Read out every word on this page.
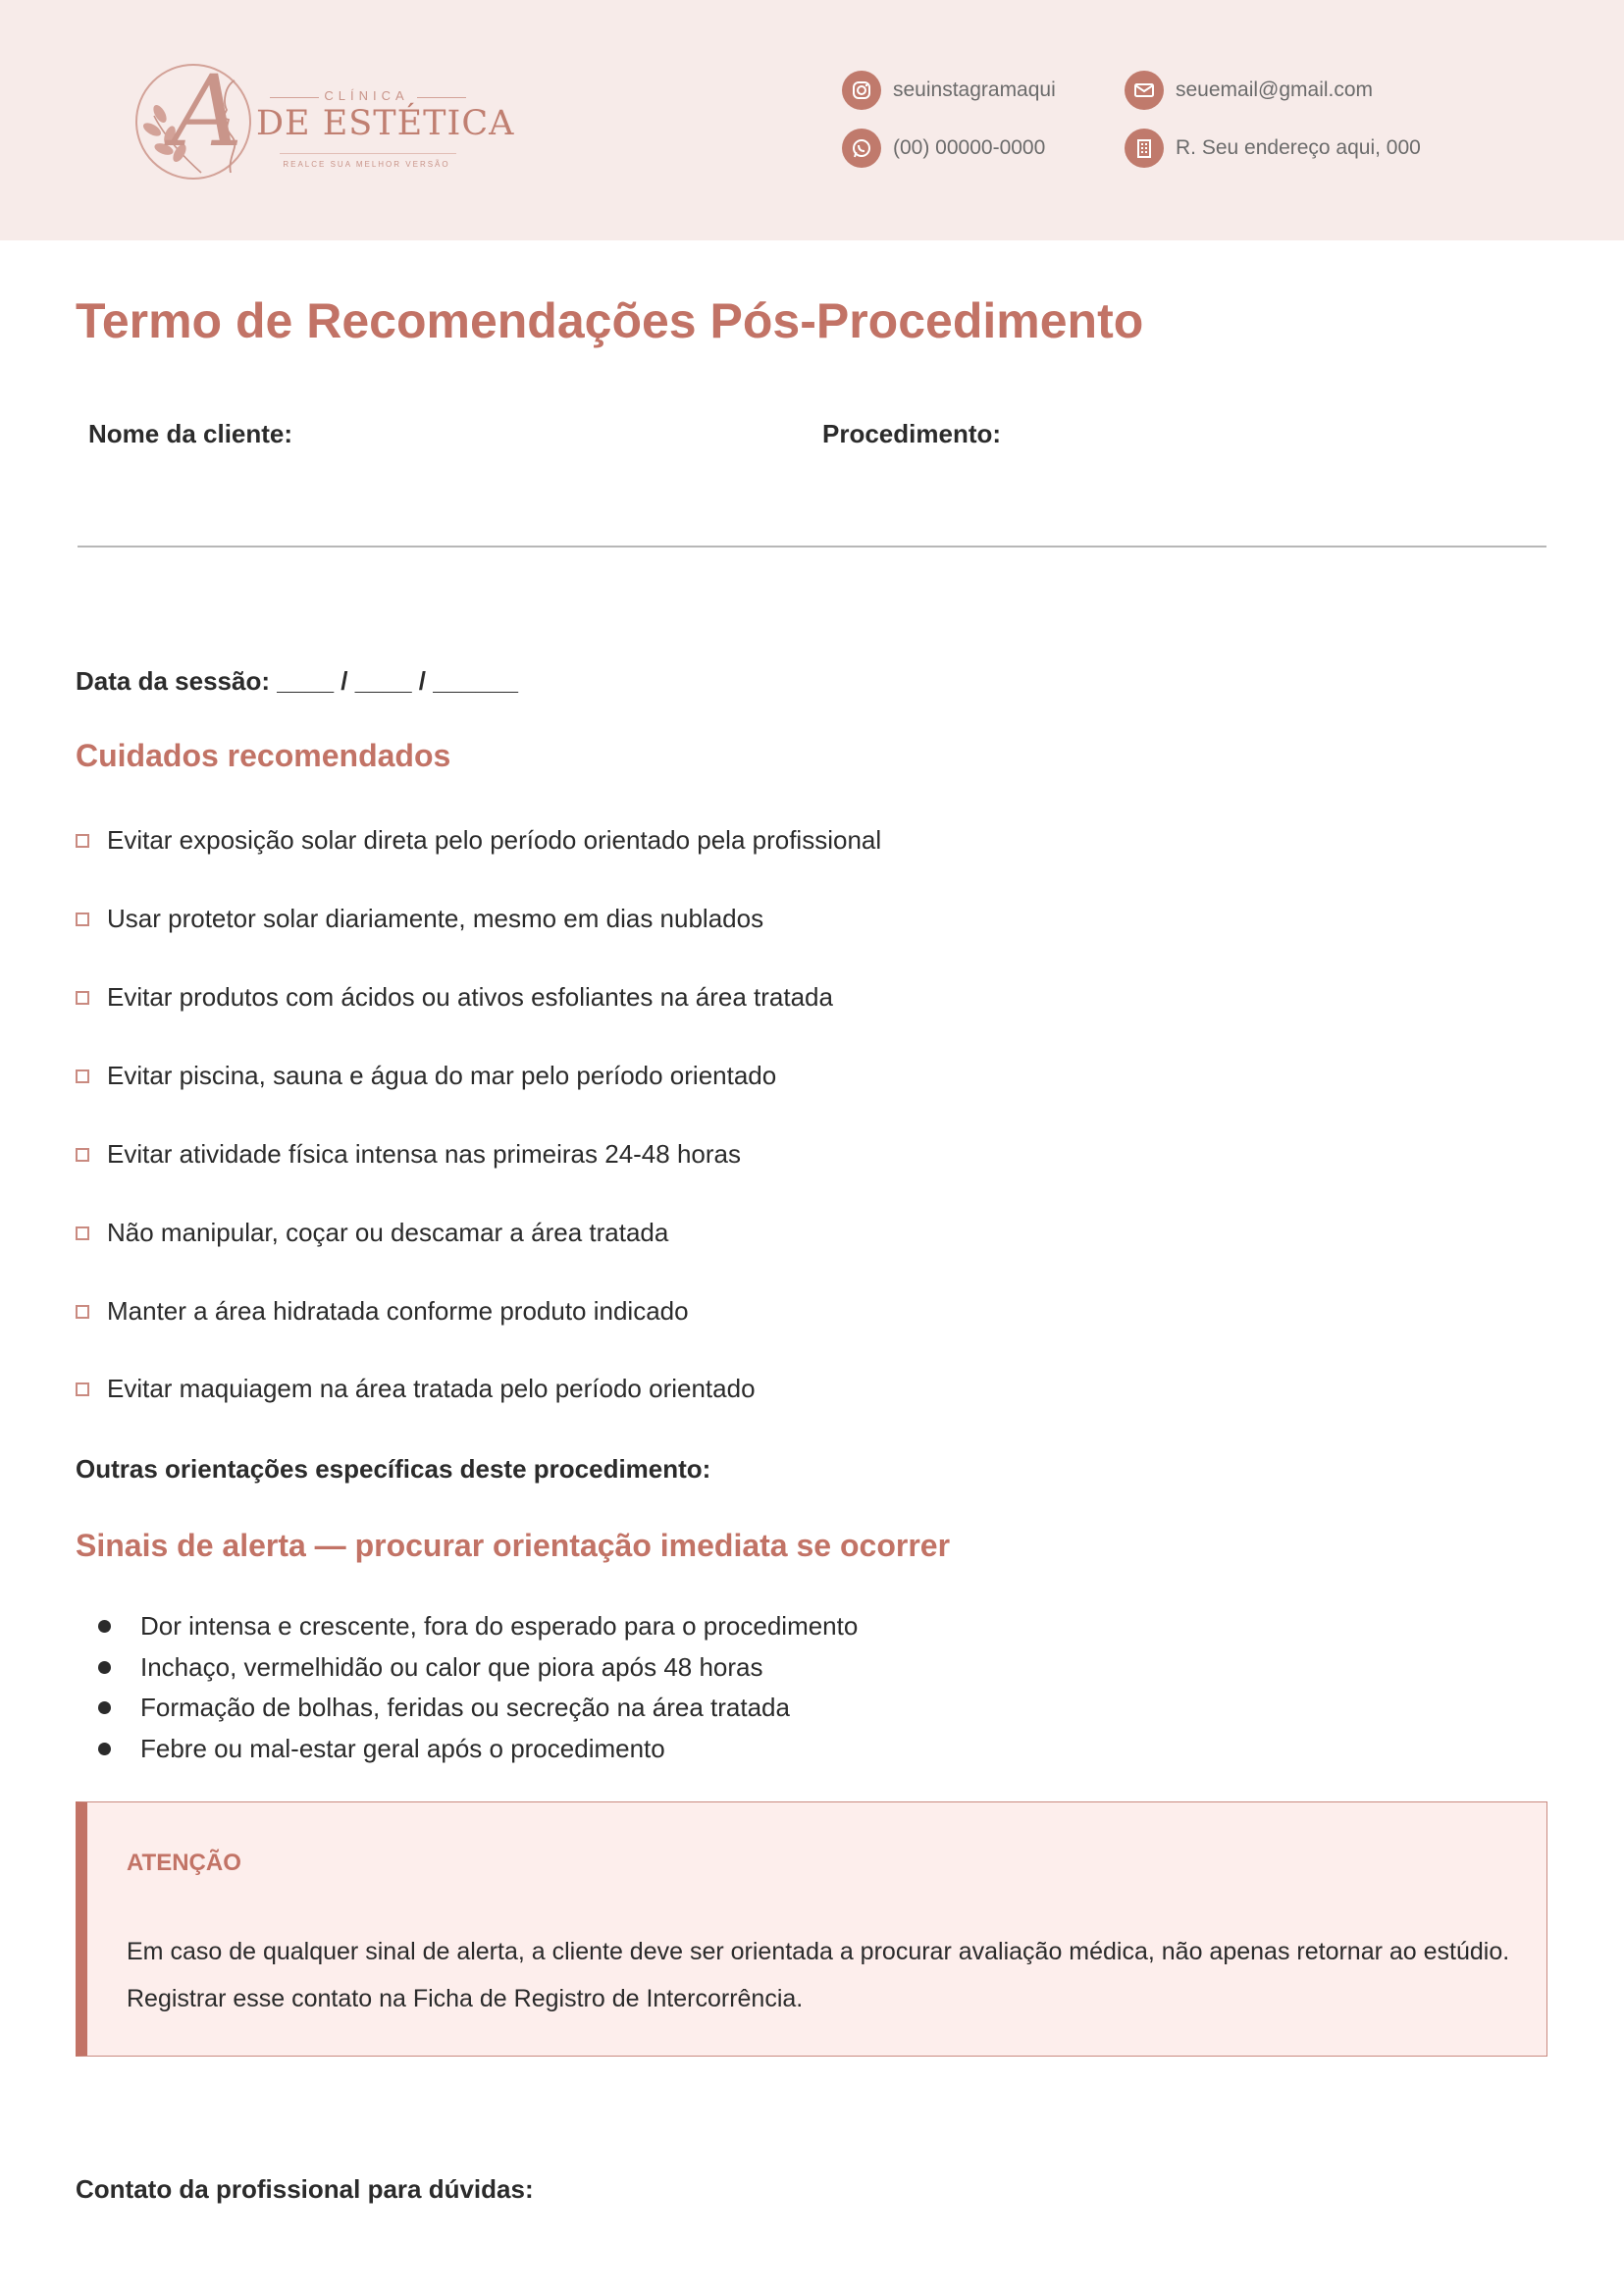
A	CLÍNICA
DE ESTÉTICA
REALCE SUA MELHOR VERSÃO
seuinstagramaqui	seuemail@gmail.com
(00) 00000-0000	R. Seu endereço aqui, 000
Termo de Recomendações Pós-Procedimento
Nome da cliente:	Procedimento:
Data da sessão: ____ / ____ / ______
Cuidados recomendados
Evitar exposição solar direta pelo período orientado pela profissional
Usar protetor solar diariamente, mesmo em dias nublados
Evitar produtos com ácidos ou ativos esfoliantes na área tratada
Evitar piscina, sauna e água do mar pelo período orientado
Evitar atividade física intensa nas primeiras 24-48 horas
Não manipular, coçar ou descamar a área tratada
Manter a área hidratada conforme produto indicado
Evitar maquiagem na área tratada pelo período orientado
Outras orientações específicas deste procedimento:
Sinais de alerta — procurar orientação imediata se ocorrer
Dor intensa e crescente, fora do esperado para o procedimento
Inchaço, vermelhidão ou calor que piora após 48 horas
Formação de bolhas, feridas ou secreção na área tratada
Febre ou mal-estar geral após o procedimento
ATENÇÃO
Em caso de qualquer sinal de alerta, a cliente deve ser orientada a procurar avaliação médica, não apenas retornar ao estúdio. Registrar esse contato na Ficha de Registro de Intercorrência.
Contato da profissional para dúvidas:
